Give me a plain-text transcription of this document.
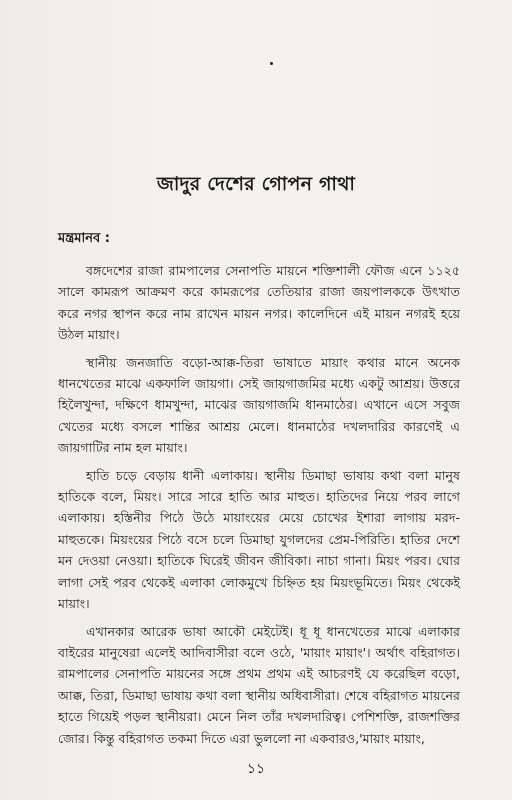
জাদুর দেশের গোপন গাথা
মন্ত্রমানব :

বঙ্গদেশের রাজা রামপালের সেনাপতি মায়নে শক্তিশালী ফৌজ এনে ১১২৫ সালে কামরূপ আক্রমণ করে কামরূপের তেতিয়ার রাজা জয়পালককে উৎখাত করে নগর স্থাপন করে নাম রাখেন মায়ন নগর। কালেদিনে এই মায়ন নগরই হয়ে উঠল মায়াং।

স্থানীয় জনজাতি বড়ো-আক্ক-তিরা ভাষাতে মায়াং কথার মানে অনেক ধানখেতের মাঝে একফালি জায়গা। সেই জায়গাজমির মধ্যে একটু আশ্রয়। উত্তরে হিলৈখুন্দা, দক্ষিণে ধামখুন্দা, মাঝের জায়গাজমি ধানমাঠের। এখানে এসে সবুজ খেতের মধ্যে বসলে শান্তির আশ্রয় মেলে। ধানমাঠের দখলদারির কারণেই এ জায়গাটির নাম হল মায়াং।

হাতি চড়ে বেড়ায় ধানী এলাকায়। স্থানীয় ডিমাছা ভাষায় কথা বলা মানুষ হাতিকে বলে, মিয়ং। সারে সারে হাতি আর মাহুত। হাতিদের নিয়ে পরব লাগে এলাকায়। হস্তিনীর পিঠে উঠে মায়াংয়ের মেয়ে চোখের ইশারা লাগায় মরদ-মাহুতকে। মিয়ংয়ের পিঠে বসে চলে ডিমাছা যুগলদের প্রেম-পিরিতি। হাতির দেশে মন দেওয়া নেওয়া। হাতিকে ঘিরেই জীবন জীবিকা। নাচা গানা। মিয়ং পরব। ঘোর লাগা সেই পরব থেকেই এলাকা লোকমুখে চিহ্নিত হয় মিয়ংভূমিতে। মিয়ং থেকেই মায়াং।

এখানকার আরেক ভাষা আকৌ মেইটেই। ধূ ধূ ধানখেতের মাঝে এলাকার বাইরের মানুষেরা এলেই আদিবাসীরা বলে ওঠে, 'মায়াং মায়াং'। অর্থাৎ বহিরাগত। রামপালের সেনাপতি মায়নের সঙ্গে প্রথম প্রথম এই আচরণই যে করেছিল বড়ো, আক্ক, তিরা, ডিমাছা ভাষায় কথা বলা স্থানীয় অধিবাসীরা। শেষে বহিরাগত মায়নের হাতে গিয়েই পড়ল স্থানীয়রা। মেনে নিল তাঁর দখলদারিত্ব। পেশিশক্তি, রাজশক্তির জোর। কিন্তু বহিরাগত তকমা দিতে এরা ভুললো না একবারও,'মায়াং মায়াং,

১১
